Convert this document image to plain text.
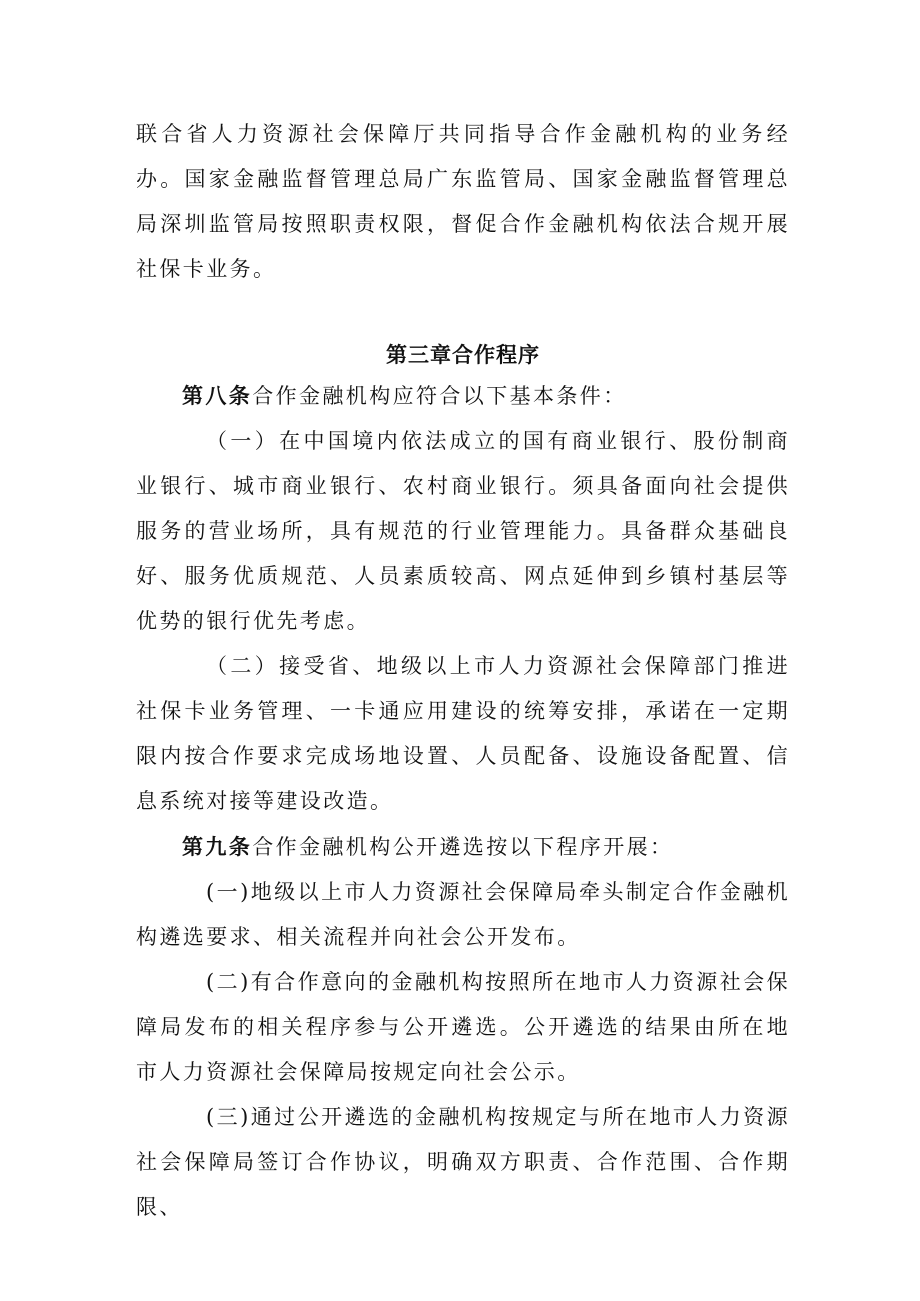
联合省人力资源社会保障厅共同指导合作金融机构的业务经办。国家金融监督管理总局广东监管局、国家金融监督管理总局深圳监管局按照职责权限，督促合作金融机构依法合规开展社保卡业务。

第三章合作程序

第八条合作金融机构应符合以下基本条件：

（一）在中国境内依法成立的国有商业银行、股份制商业银行、城市商业银行、农村商业银行。须具备面向社会提供服务的营业场所，具有规范的行业管理能力。具备群众基础良好、服务优质规范、人员素质较高、网点延伸到乡镇村基层等优势的银行优先考虑。

（二）接受省、地级以上市人力资源社会保障部门推进社保卡业务管理、一卡通应用建设的统筹安排，承诺在一定期限内按合作要求完成场地设置、人员配备、设施设备配置、信息系统对接等建设改造。

第九条合作金融机构公开遴选按以下程序开展：

(一)地级以上市人力资源社会保障局牵头制定合作金融机构遴选要求、相关流程并向社会公开发布。

(二)有合作意向的金融机构按照所在地市人力资源社会保障局发布的相关程序参与公开遴选。公开遴选的结果由所在地市人力资源社会保障局按规定向社会公示。

(三)通过公开遴选的金融机构按规定与所在地市人力资源社会保障局签订合作协议，明确双方职责、合作范围、合作期限、
